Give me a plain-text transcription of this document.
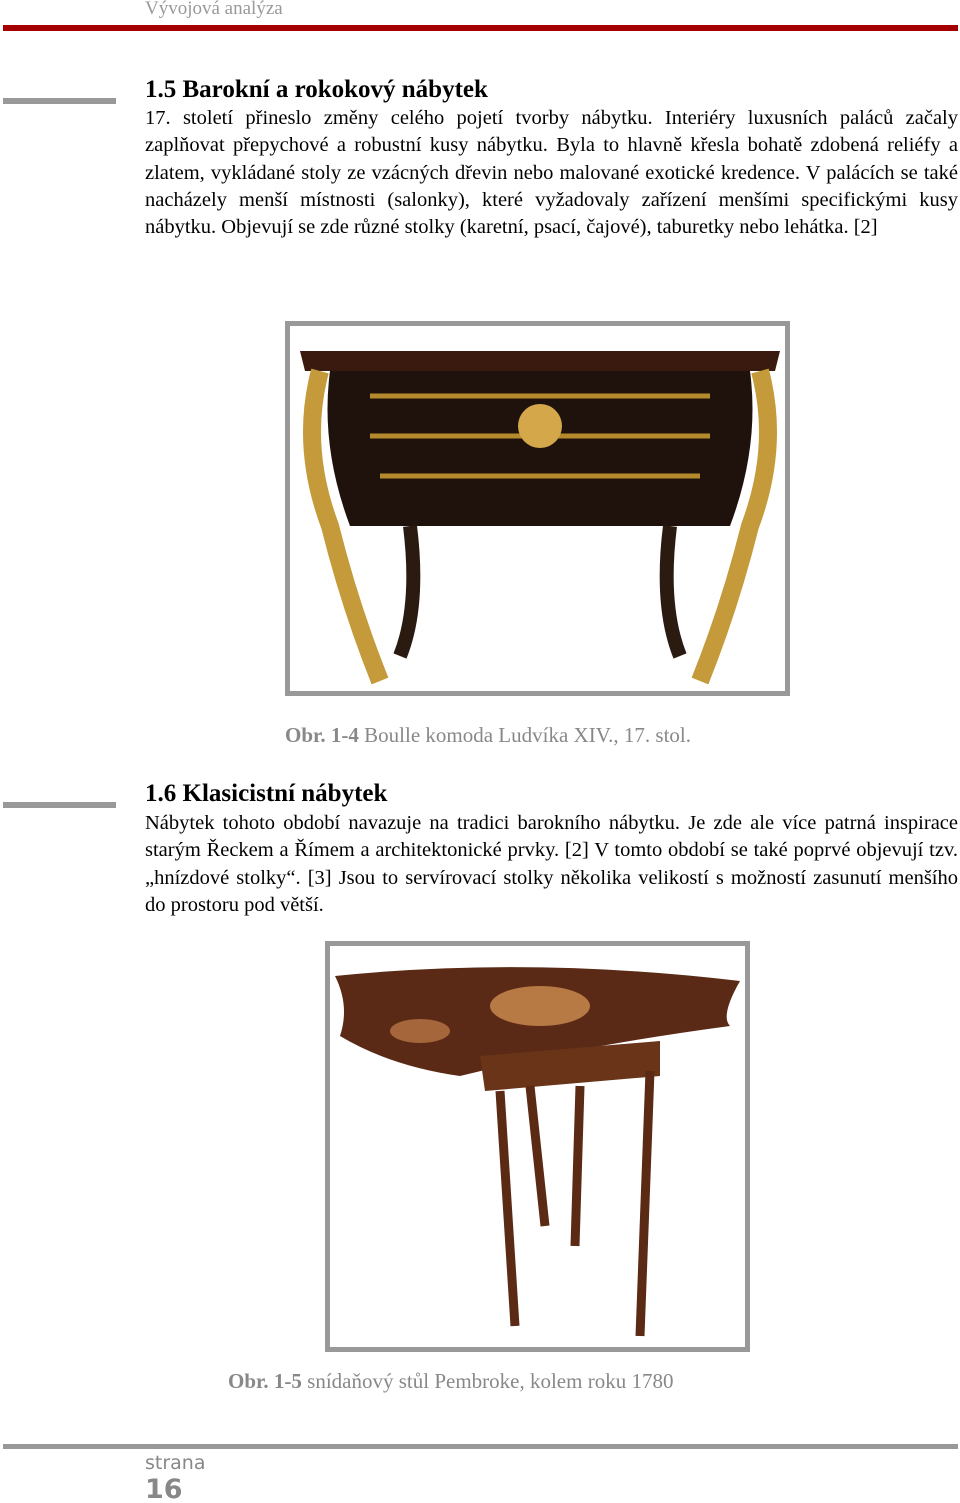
Vývojová analýza
1.5 Barokní a rokokový nábytek

17. století přineslo změny celého pojetí tvorby nábytku. Interiéry luxusních paláců začaly zaplňovat přepychové a robustní kusy nábytku. Byla to hlavně křesla bohatě zdobená reliéfy a zlatem, vykládané stoly ze vzácných dřevin nebo malované exotické kredence. V palácích se také nacházely menší místnosti (salonky), které vyžadovaly zařízení menšími specifickými kusy nábytku. Objevují se zde různé stolky (karetní, psací, čajové), taburetky nebo lehátka. [2]

Obr. 1-4 Boulle komoda Ludvíka XIV., 17. stol.
1.6 Klasicistní nábytek

Nábytek tohoto období navazuje na tradici barokního nábytku. Je zde ale více patrná inspirace starým Řeckem a Římem a architektonické prvky. [2] V tomto období se také poprvé objevují tzv. „hnízdové stolky“. [3] Jsou to servírovací stolky několika velikostí s možností zasunutí menšího do prostoru pod větší.

Obr. 1-5 snídaňový stůl Pembroke, kolem roku 1780
strana
16
